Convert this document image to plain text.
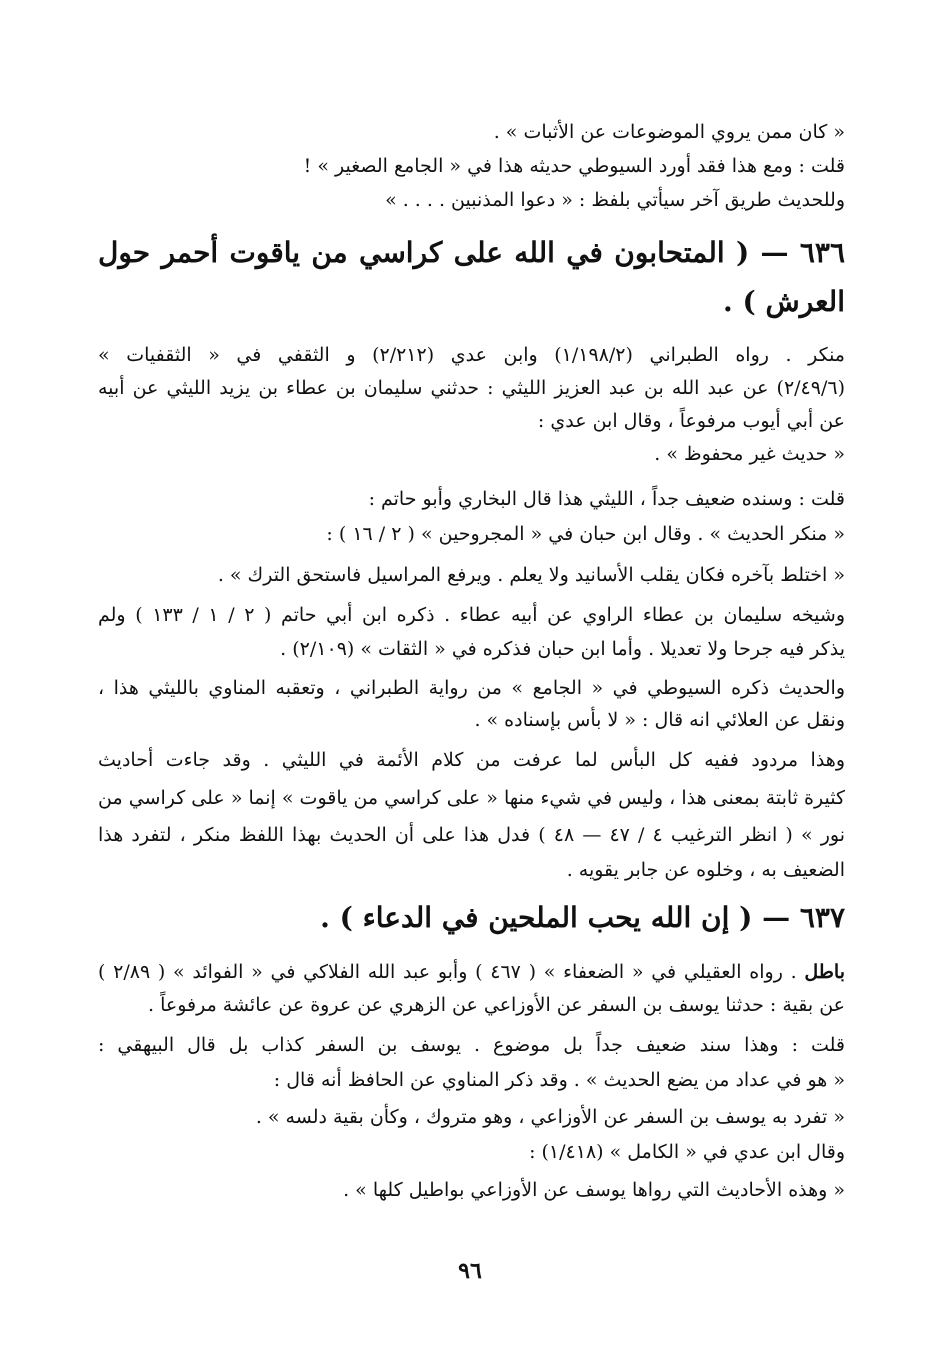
« كان ممن يروي الموضوعات عن الأثبات » .
قلت : ومع هذا فقد أورد السيوطي حديثه هذا في « الجامع الصغير » !
وللحديث طريق آخر سيأتي بلفظ : « دعوا المذنبين . . . . »
٦٣٦ — ( المتحابون في الله على كراسي من ياقوت أحمر حول
العرش ) .
منكر . رواه الطبراني (١/١٩٨/٢) وابن عدي (٢/٢١٢) و الثقفي في « الثقفيات »
(٢/٤٩/٦) عن عبد الله بن عبد العزيز الليثي : حدثني سليمان بن عطاء بن يزيد الليثي عن أبيه
عن أبي أيوب مرفوعاً ، وقال ابن عدي :
« حديث غير محفوظ » .
قلت : وسنده ضعيف جداً ، الليثي هذا قال البخاري وأبو حاتم :
« منكر الحديث » . وقال ابن حبان في « المجروحين » ( ٢ / ١٦ ) :
« اختلط بآخره فكان يقلب الأسانيد ولا يعلم . ويرفع المراسيل فاستحق الترك » .
وشيخه سليمان بن عطاء الراوي عن أبيه عطاء . ذكره ابن أبي حاتم ( ٢ / ١ / ١٣٣ ) ولم
يذكر فيه جرحا ولا تعديلا . وأما ابن حبان فذكره في « الثقات » (٢/١٠٩) .
والحديث ذكره السيوطي في « الجامع » من رواية الطبراني ، وتعقبه المناوي بالليثي هذا ،
ونقل عن العلائي انه قال : « لا بأس بإسناده » .
وهذا مردود ففيه كل البأس لما عرفت من كلام الأئمة في الليثي . وقد جاءت أحاديث
كثيرة ثابتة بمعنى هذا ، وليس في شيء منها « على كراسي من ياقوت » إنما « على كراسي من
نور » ( انظر الترغيب ٤ / ٤٧ — ٤٨ ) فدل هذا على أن الحديث بهذا اللفظ منكر ، لتفرد هذا
الضعيف به ، وخلوه عن جابر يقويه .
٦٣٧ — ( إن الله يحب الملحين في الدعاء ) .
باطل . رواه العقيلي في « الضعفاء » ( ٤٦٧ ) وأبو عبد الله الفلاكي في « الفوائد » ( ٢/٨٩ )
عن بقية : حدثنا يوسف بن السفر عن الأوزاعي عن الزهري عن عروة عن عائشة مرفوعاً .
قلت : وهذا سند ضعيف جداً بل موضوع . يوسف بن السفر كذاب بل قال البيهقي :
« هو في عداد من يضع الحديث » . وقد ذكر المناوي عن الحافظ أنه قال :
« تفرد به يوسف بن السفر عن الأوزاعي ، وهو متروك ، وكأن بقية دلسه » .
وقال ابن عدي في « الكامل » (١/٤١٨) :
« وهذه الأحاديث التي رواها يوسف عن الأوزاعي بواطيل كلها » .
٩٦
